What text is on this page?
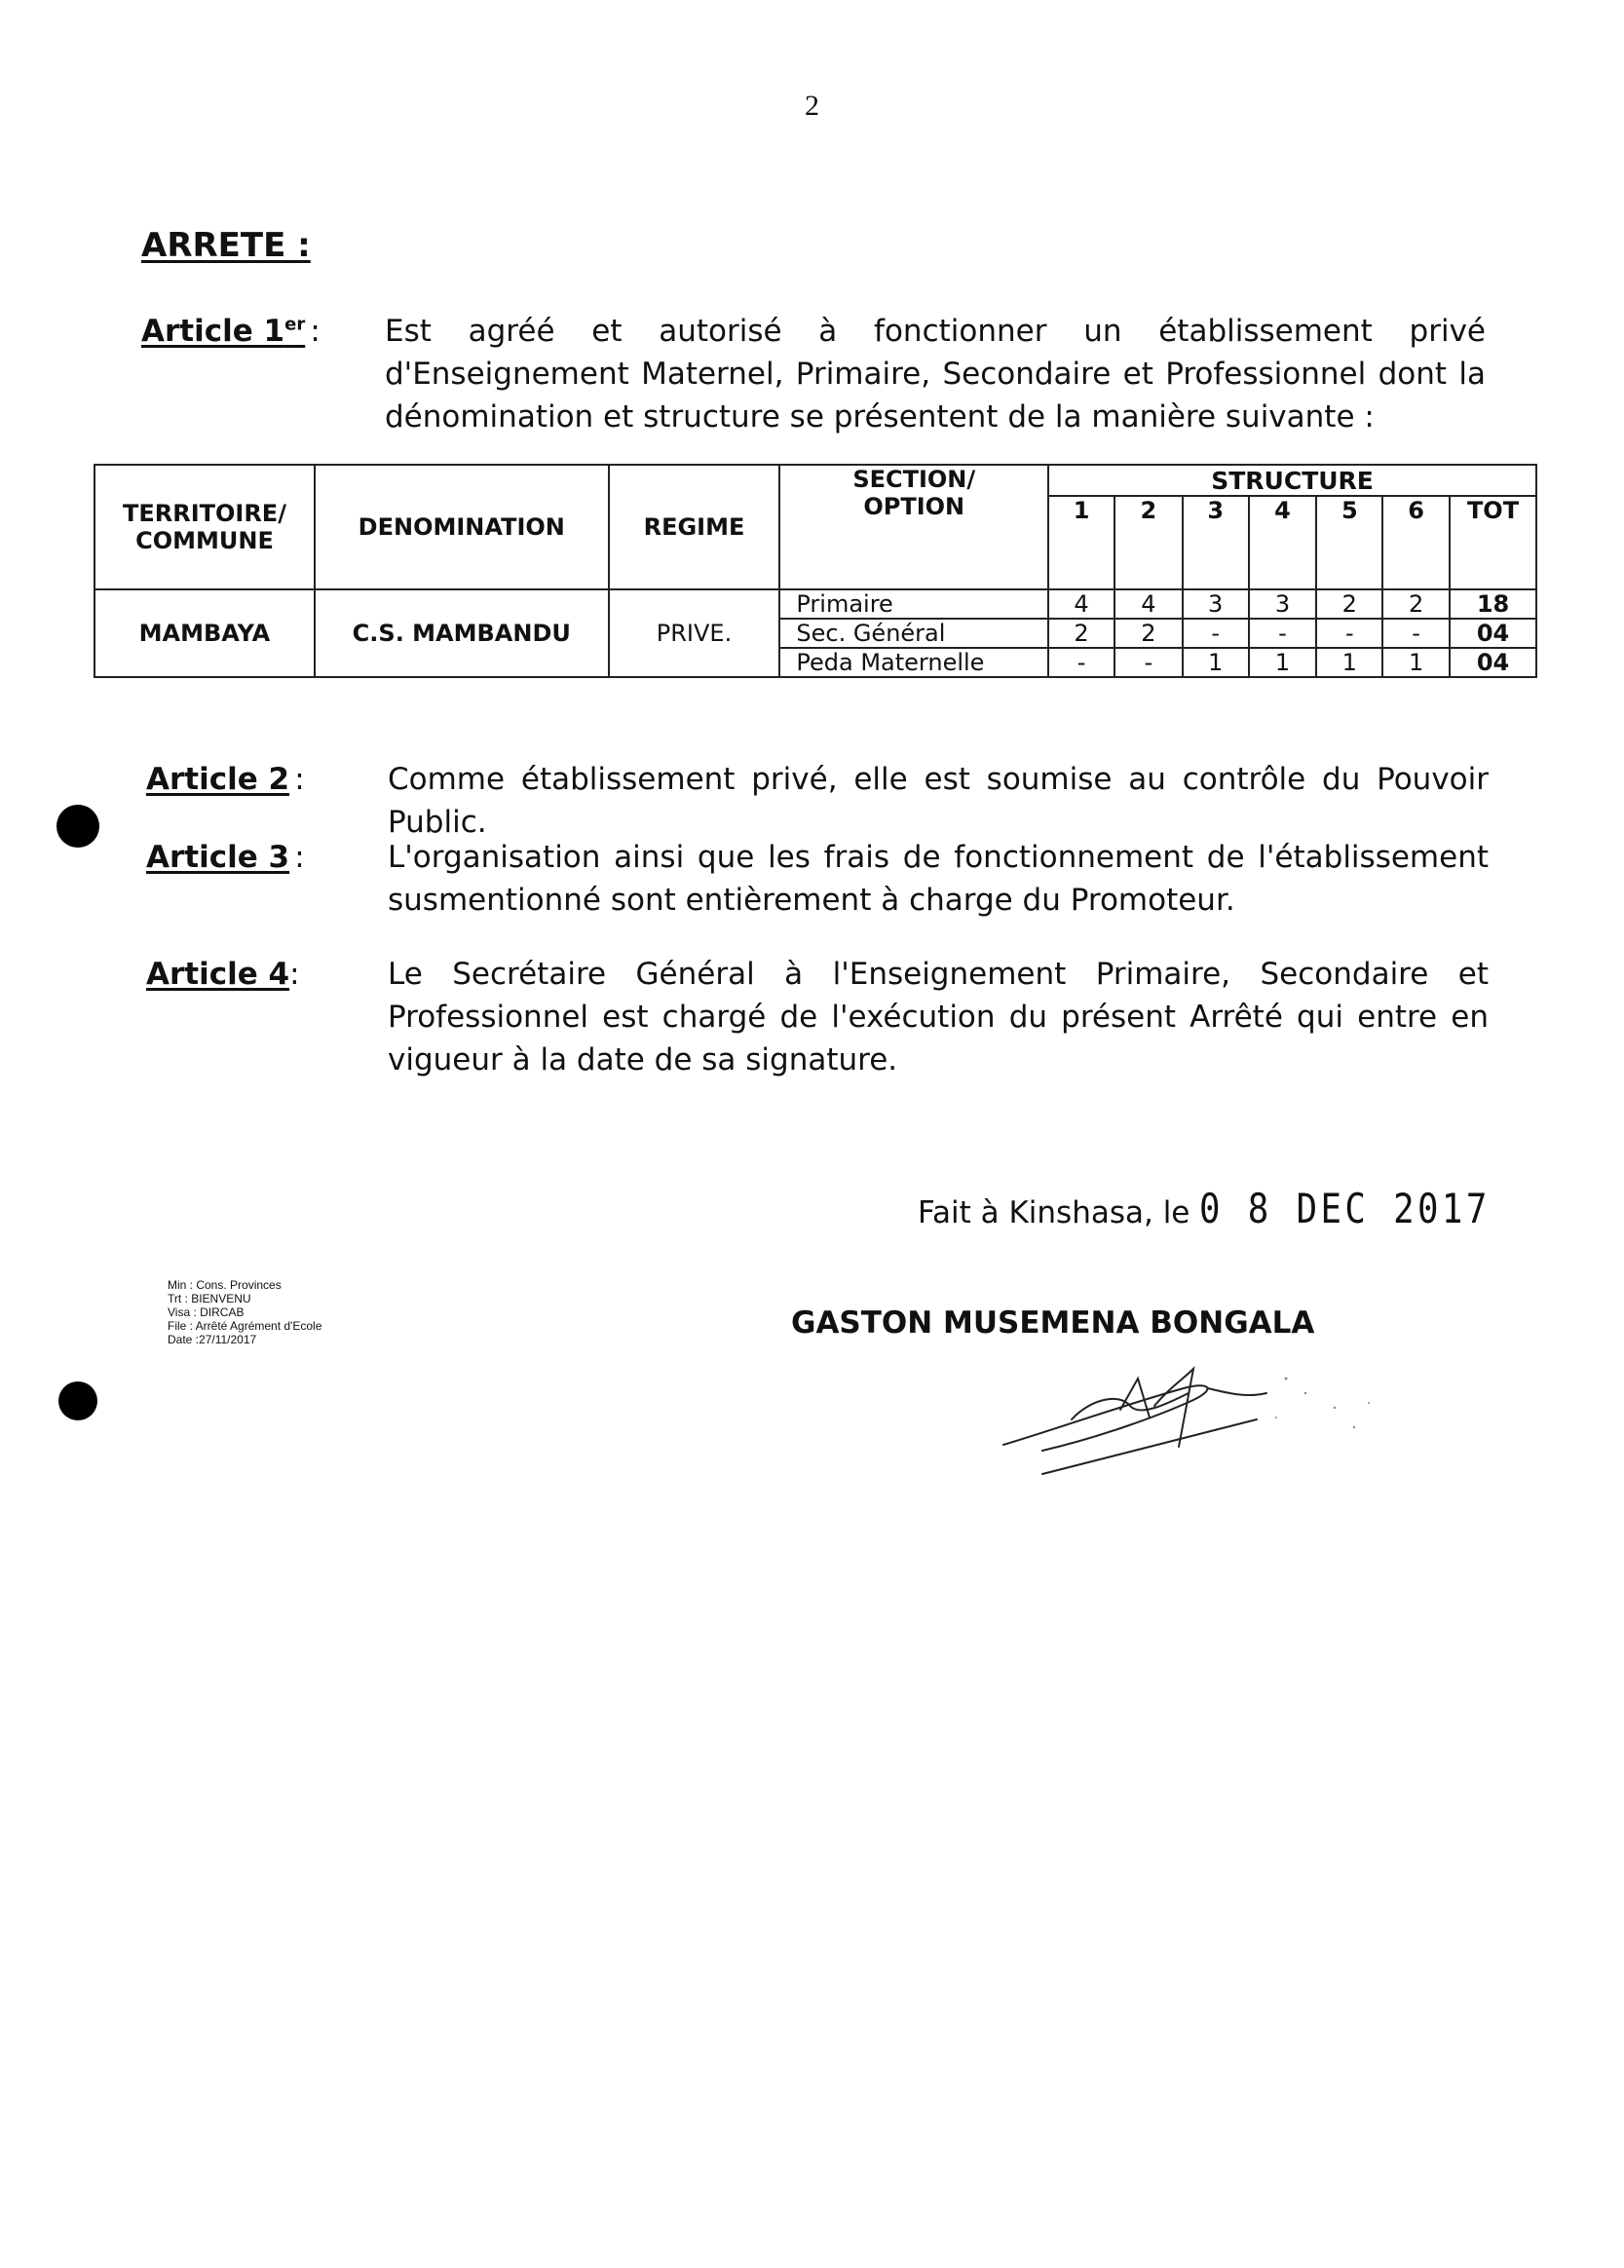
2
ARRETE :
Article 1er : Est agréé et autorisé à fonctionner un établissement privé d'Enseignement Maternel, Primaire, Secondaire et Professionnel dont la dénomination et structure se présentent de la manière suivante :
TERRITOIRE/ COMMUNE	DENOMINATION	REGIME	SECTION/ OPTION	STRUCTURE						
				1	2	3	4	5	6	TOT
MAMBAYA	C.S. MAMBANDU	PRIVE.	Primaire	4	4	3	3	2	2	18
			Sec. Général	2	2	-	-	-	-	04
			Peda Maternelle	-	-	1	1	1	1	04
Article 2 :	Comme établissement privé, elle est soumise au contrôle du Pouvoir Public.
Article 3 :	L'organisation ainsi que les frais de fonctionnement de l'établissement susmentionné sont entièrement à charge du Promoteur.
Article 4:	Le Secrétaire Général à l'Enseignement Primaire, Secondaire et Professionnel est chargé de l'exécution du présent Arrêté qui entre en vigueur à la date de sa signature.
Fait à Kinshasa, le 0 8 DEC 2017
Min : Cons. Provinces
Trt : BIENVENU
Visa : DIRCAB
File : Arrêté Agrément d'Ecole
Date :27/11/2017	GASTON MUSEMENA BONGALA
